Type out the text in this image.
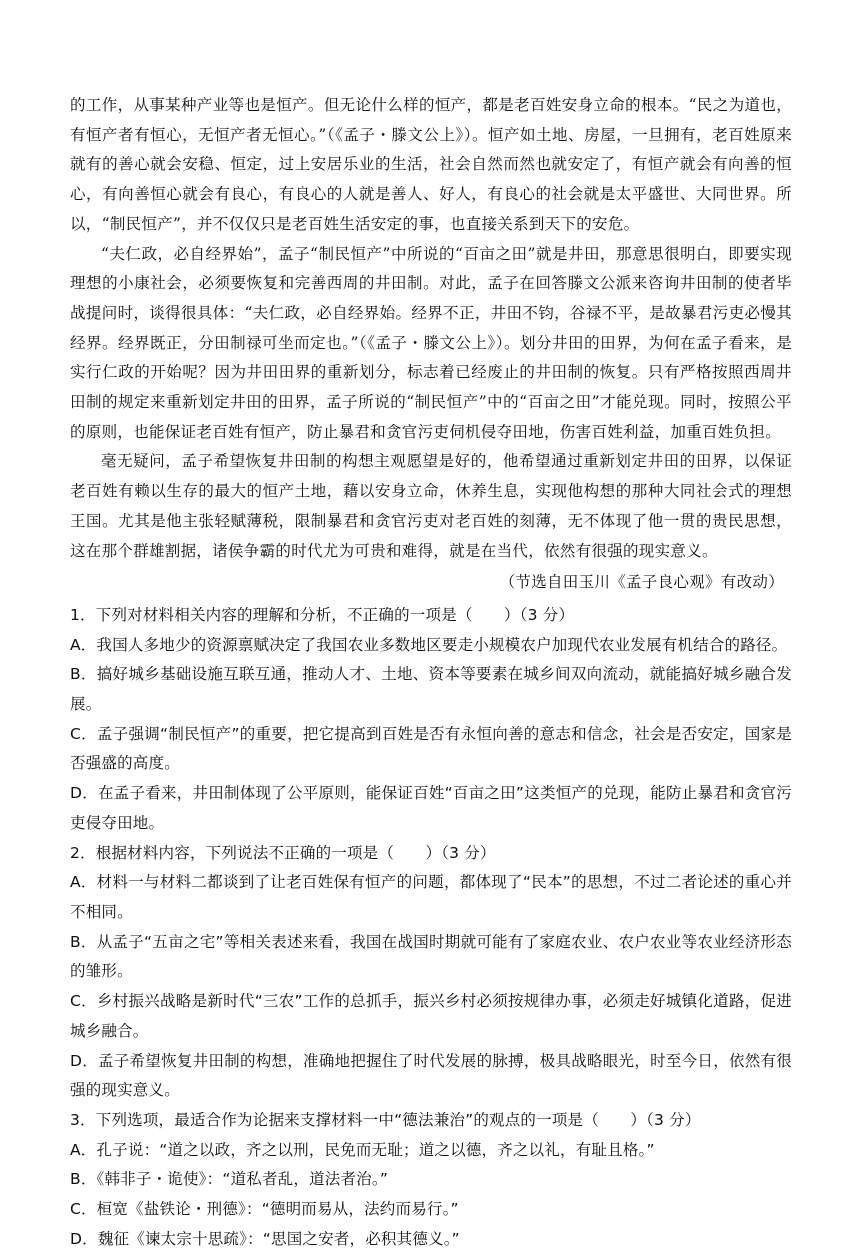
的工作，从事某种产业等也是恒产。但无论什么样的恒产，都是老百姓安身立命的根本。“民之为道也，有恒产者有恒心，无恒产者无恒心。”（《孟子・滕文公上》）。恒产如土地、房屋，一旦拥有，老百姓原来就有的善心就会安稳、恒定，过上安居乐业的生活，社会自然而然也就安定了，有恒产就会有向善的恒心，有向善恒心就会有良心，有良心的人就是善人、好人，有良心的社会就是太平盛世、大同世界。所以，“制民恒产”，并不仅仅只是老百姓生活安定的事，也直接关系到天下的安危。

“夫仁政，必自经界始”，孟子“制民恒产”中所说的“百亩之田”就是井田，那意思很明白，即要实现理想的小康社会，必须要恢复和完善西周的井田制。对此，孟子在回答滕文公派来咨询井田制的使者毕战提问时，谈得很具体：“夫仁政，必自经界始。经界不正，井田不钧，谷禄不平，是故暴君污吏必慢其经界。经界既正，分田制禄可坐而定也。”（《孟子・滕文公上》）。划分井田的田界，为何在孟子看来，是实行仁政的开始呢？因为井田田界的重新划分，标志着已经废止的井田制的恢复。只有严格按照西周井田制的规定来重新划定井田的田界，孟子所说的“制民恒产”中的“百亩之田”才能兑现。同时，按照公平的原则，也能保证老百姓有恒产，防止暴君和贪官污吏伺机侵夺田地，伤害百姓利益，加重百姓负担。

毫无疑问，孟子希望恢复井田制的构想主观愿望是好的，他希望通过重新划定井田的田界，以保证老百姓有赖以生存的最大的恒产土地，藉以安身立命，休养生息，实现他构想的那种大同社会式的理想王国。尤其是他主张轻赋薄税，限制暴君和贪官污吏对老百姓的刻薄，无不体现了他一贯的贵民思想，这在那个群雄割据，诸侯争霸的时代尤为可贵和难得，就是在当代，依然有很强的现实意义。

（节选自田玉川《孟子良心观》有改动）

1．下列对材料相关内容的理解和分析，不正确的一项是（　　）（3 分）

A．我国人多地少的资源禀赋决定了我国农业多数地区要走小规模农户加现代农业发展有机结合的路径。

B．搞好城乡基础设施互联互通，推动人才、土地、资本等要素在城乡间双向流动，就能搞好城乡融合发展。

C．孟子强调“制民恒产”的重要，把它提高到百姓是否有永恒向善的意志和信念，社会是否安定，国家是否强盛的高度。

D．在孟子看来，井田制体现了公平原则，能保证百姓“百亩之田”这类恒产的兑现，能防止暴君和贪官污吏侵夺田地。

2．根据材料内容，下列说法不正确的一项是（　　）（3 分）

A．材料一与材料二都谈到了让老百姓保有恒产的问题，都体现了“民本”的思想，不过二者论述的重心并不相同。

B．从孟子“五亩之宅”等相关表述来看，我国在战国时期就可能有了家庭农业、农户农业等农业经济形态的雏形。

C．乡村振兴战略是新时代“三农”工作的总抓手，振兴乡村必须按规律办事，必须走好城镇化道路，促进城乡融合。

D．孟子希望恢复井田制的构想，准确地把握住了时代发展的脉搏，极具战略眼光，时至今日，依然有很强的现实意义。

3．下列选项，最适合作为论据来支撑材料一中“德法兼治”的观点的一项是（　　）（3 分）

A．孔子说：“道之以政，齐之以刑，民免而无耻；道之以德，齐之以礼，有耻且格。”

B．《韩非子・诡使》：“道私者乱，道法者治。”

C．桓宽《盐铁论・刑德》：“德明而易从，法约而易行。”

D．魏征《谏太宗十思疏》：“思国之安者，必积其德义。”
